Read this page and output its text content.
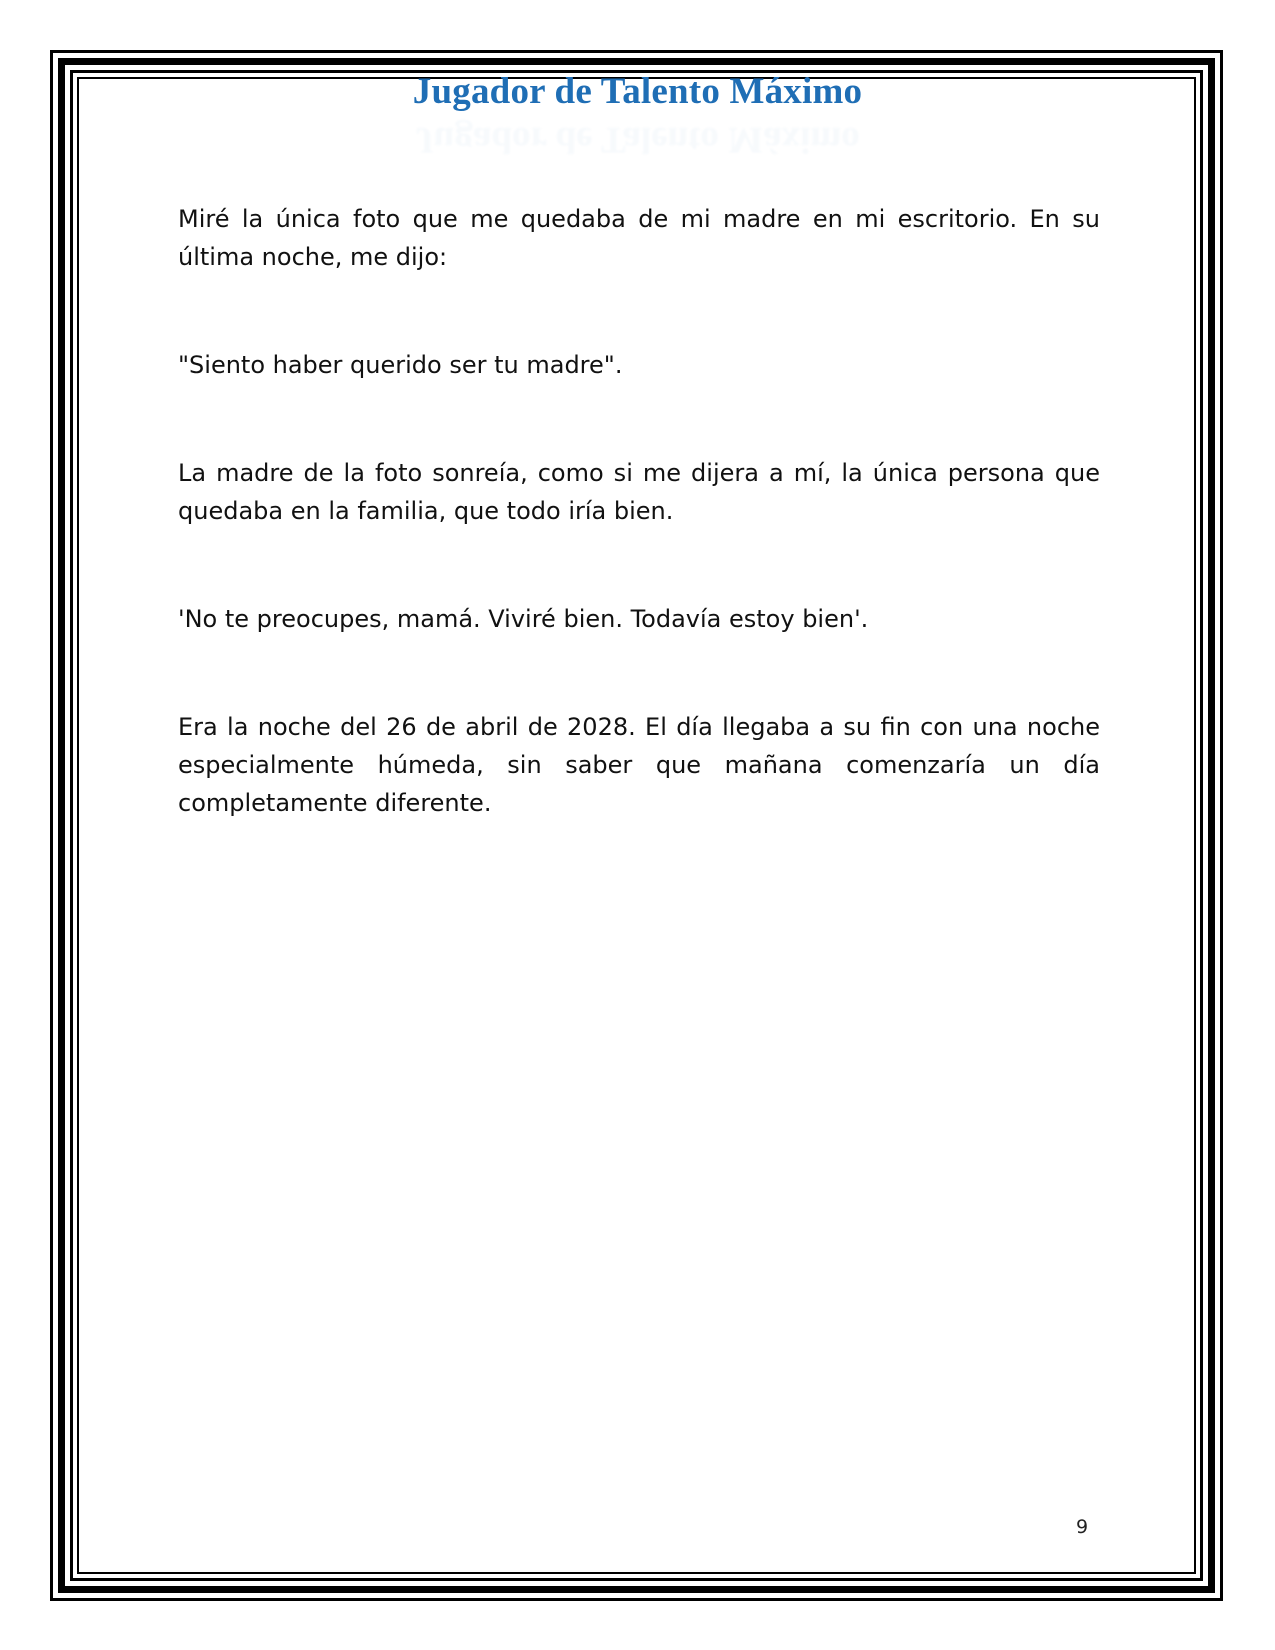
Jugador de Talento Máximo

Miré la única foto que me quedaba de mi madre en mi escritorio. En su última noche, me dijo:

"Siento haber querido ser tu madre".

La madre de la foto sonreía, como si me dijera a mí, la única persona que quedaba en la familia, que todo iría bien.

'No te preocupes, mamá. Viviré bien. Todavía estoy bien'.

Era la noche del 26 de abril de 2028. El día llegaba a su fin con una noche especialmente húmeda, sin saber que mañana comenzaría un día completamente diferente.

9
